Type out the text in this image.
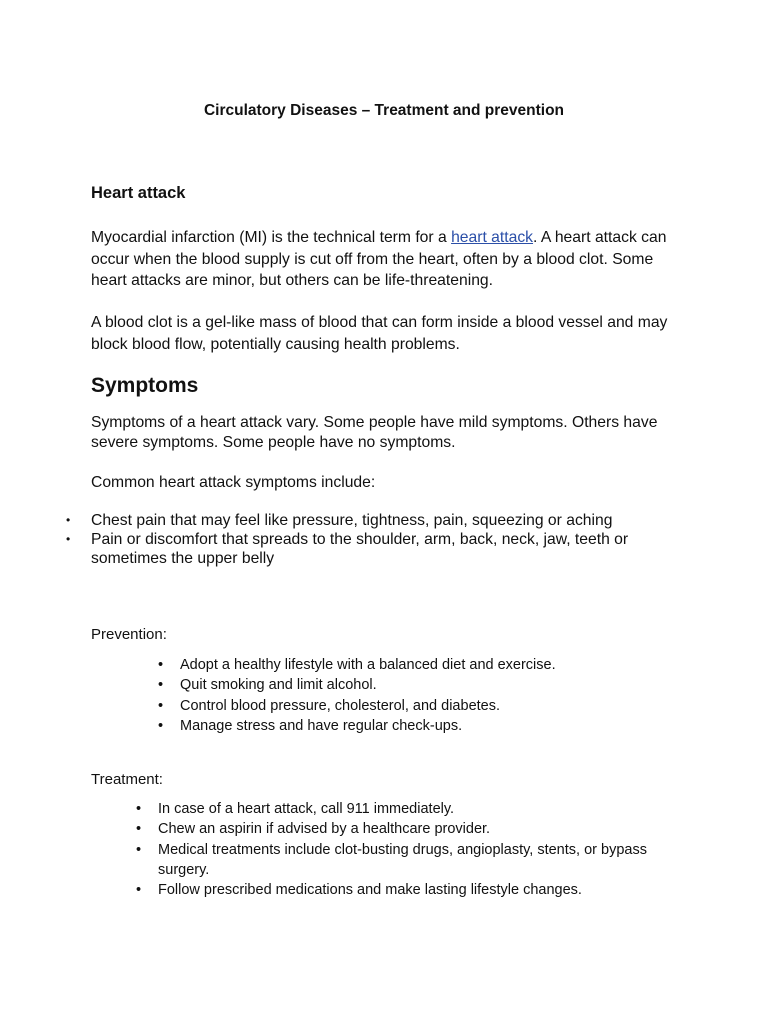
Circulatory Diseases – Treatment and prevention
Heart attack

Myocardial infarction (MI) is the technical term for a heart attack. A heart attack can occur when the blood supply is cut off from the heart, often by a blood clot. Some heart attacks are minor, but others can be life-threatening.

A blood clot is a gel-like mass of blood that can form inside a blood vessel and may block blood flow, potentially causing health problems.

Symptoms

Symptoms of a heart attack vary. Some people have mild symptoms. Others have severe symptoms. Some people have no symptoms.

Common heart attack symptoms include:

• Chest pain that may feel like pressure, tightness, pain, squeezing or aching
• Pain or discomfort that spreads to the shoulder, arm, back, neck, jaw, teeth or sometimes the upper belly

Prevention:

• Adopt a healthy lifestyle with a balanced diet and exercise.
• Quit smoking and limit alcohol.
• Control blood pressure, cholesterol, and diabetes.
• Manage stress and have regular check-ups.

Treatment:

• In case of a heart attack, call 911 immediately.
• Chew an aspirin if advised by a healthcare provider.
• Medical treatments include clot-busting drugs, angioplasty, stents, or bypass surgery.
• Follow prescribed medications and make lasting lifestyle changes.
